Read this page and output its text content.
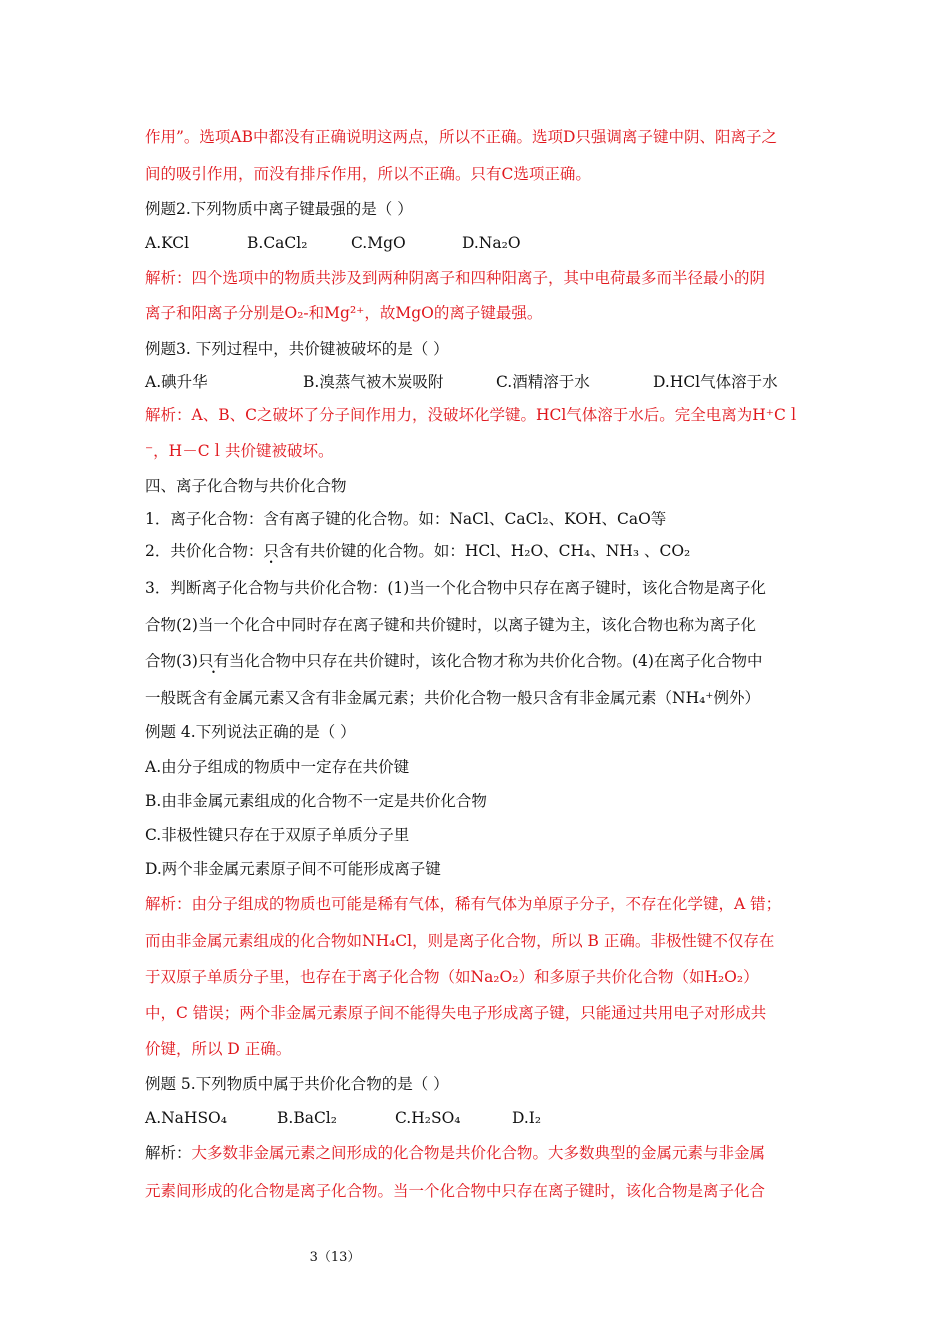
作用”。选项AB中都没有正确说明这两点，所以不正确。选项D只强调离子键中阴、阳离子之
间的吸引作用，而没有排斥作用，所以不正确。只有C选项正确。
例题2.下列物质中离子键最强的是（ ）
A.KCl	B.CaCl₂	C.MgO	D.Na₂O
解析：四个选项中的物质共涉及到两种阴离子和四种阳离子，其中电荷最多而半径最小的阴
离子和阳离子分别是O₂-和Mg²⁺，故MgO的离子键最强。
例题3. 下列过程中，共价键被破坏的是（ ）
A.碘升华	B.溴蒸气被木炭吸附	C.酒精溶于水	D.HCl气体溶于水
解析：A、B、C之破坏了分子间作用力，没破坏化学键。HCl气体溶于水后。完全电离为H⁺Cｌ
⁻，H－Cｌ共价键被破坏。
四、离子化合物与共价化合物
1．离子化合物：含有离子键的化合物。如：NaCl、CaCl₂、KOH、CaO等
2．共价化合物：只含有共价键的化合物。如：HCl、H₂O、CH₄、NH₃ 、CO₂
3．判断离子化合物与共价化合物：(1)当一个化合物中只存在离子键时，该化合物是离子化
合物(2)当一个化合中同时存在离子键和共价键时，以离子键为主，该化合物也称为离子化
合物(3)只有当化合物中只存在共价键时，该化合物才称为共价化合物。(4)在离子化合物中
一般既含有金属元素又含有非金属元素；共价化合物一般只含有非金属元素（NH₄⁺例外）
例题 4.下列说法正确的是（ ）
A.由分子组成的物质中一定存在共价键
B.由非金属元素组成的化合物不一定是共价化合物
C.非极性键只存在于双原子单质分子里
D.两个非金属元素原子间不可能形成离子键
解析：由分子组成的物质也可能是稀有气体，稀有气体为单原子分子，不存在化学键，A 错；
而由非金属元素组成的化合物如NH₄Cl，则是离子化合物，所以 B 正确。非极性键不仅存在
于双原子单质分子里，也存在于离子化合物（如Na₂O₂）和多原子共价化合物（如H₂O₂）
中，C 错误；两个非金属元素原子间不能得失电子形成离子键，只能通过共用电子对形成共
价键，所以 D 正确。
例题 5.下列物质中属于共价化合物的是（ ）
A.NaHSO₄	B.BaCl₂	C.H₂SO₄	D.I₂
解析：大多数非金属元素之间形成的化合物是共价化合物。大多数典型的金属元素与非金属
元素间形成的化合物是离子化合物。当一个化合物中只存在离子键时，该化合物是离子化合
3（13）
